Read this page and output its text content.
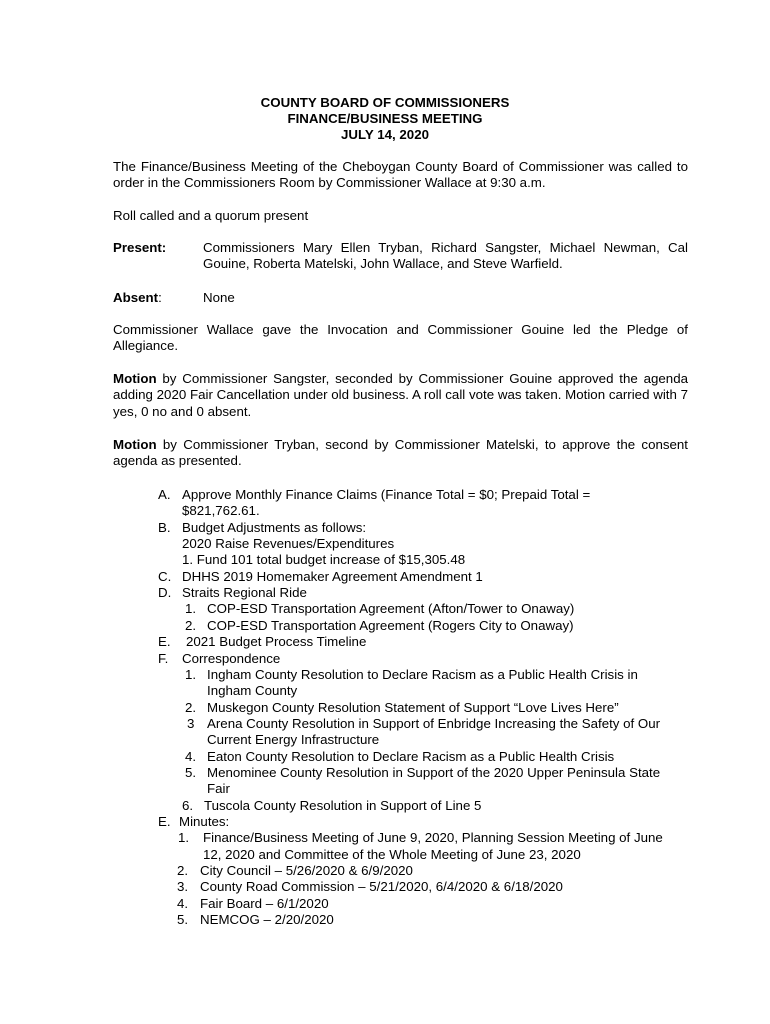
COUNTY BOARD OF COMMISSIONERS
FINANCE/BUSINESS MEETING
JULY 14, 2020
The Finance/Business Meeting of the Cheboygan County Board of Commissioner was called to order in the Commissioners Room by Commissioner Wallace at 9:30 a.m.
Roll called and a quorum present
Present:	Commissioners Mary Ellen Tryban, Richard Sangster, Michael Newman, Cal Gouine, Roberta Matelski, John Wallace, and Steve Warfield.
Absent:	None
Commissioner Wallace gave the Invocation and Commissioner Gouine led the Pledge of Allegiance.
Motion by Commissioner Sangster, seconded by Commissioner Gouine approved the agenda adding 2020 Fair Cancellation under old business. A roll call vote was taken. Motion carried with 7 yes, 0 no and 0 absent.
Motion by Commissioner Tryban, second by Commissioner Matelski, to approve the consent agenda as presented.
A. Approve Monthly Finance Claims (Finance Total = $0; Prepaid Total =
$821,762.61.
B. Budget Adjustments as follows:
2020 Raise Revenues/Expenditures
1. Fund 101 total budget increase of $15,305.48
C. DHHS 2019 Homemaker Agreement Amendment 1
D. Straits Regional Ride
1. COP-ESD Transportation Agreement (Afton/Tower to Onaway)
2. COP-ESD Transportation Agreement (Rogers City to Onaway)
E. 2021 Budget Process Timeline
F. Correspondence
1. Ingham County Resolution to Declare Racism as a Public Health Crisis in
Ingham County
2. Muskegon County Resolution Statement of Support “Love Lives Here”
3 Arena County Resolution in Support of Enbridge Increasing the Safety of Our
Current Energy Infrastructure
4. Eaton County Resolution to Declare Racism as a Public Health Crisis
5. Menominee County Resolution in Support of the 2020 Upper Peninsula State
Fair
6. Tuscola County Resolution in Support of Line 5
E. Minutes:
1. Finance/Business Meeting of June 9, 2020, Planning Session Meeting of June
12, 2020 and Committee of the Whole Meeting of June 23, 2020
2. City Council – 5/26/2020 & 6/9/2020
3. County Road Commission – 5/21/2020, 6/4/2020 & 6/18/2020
4. Fair Board – 6/1/2020
5. NEMCOG – 2/20/2020
